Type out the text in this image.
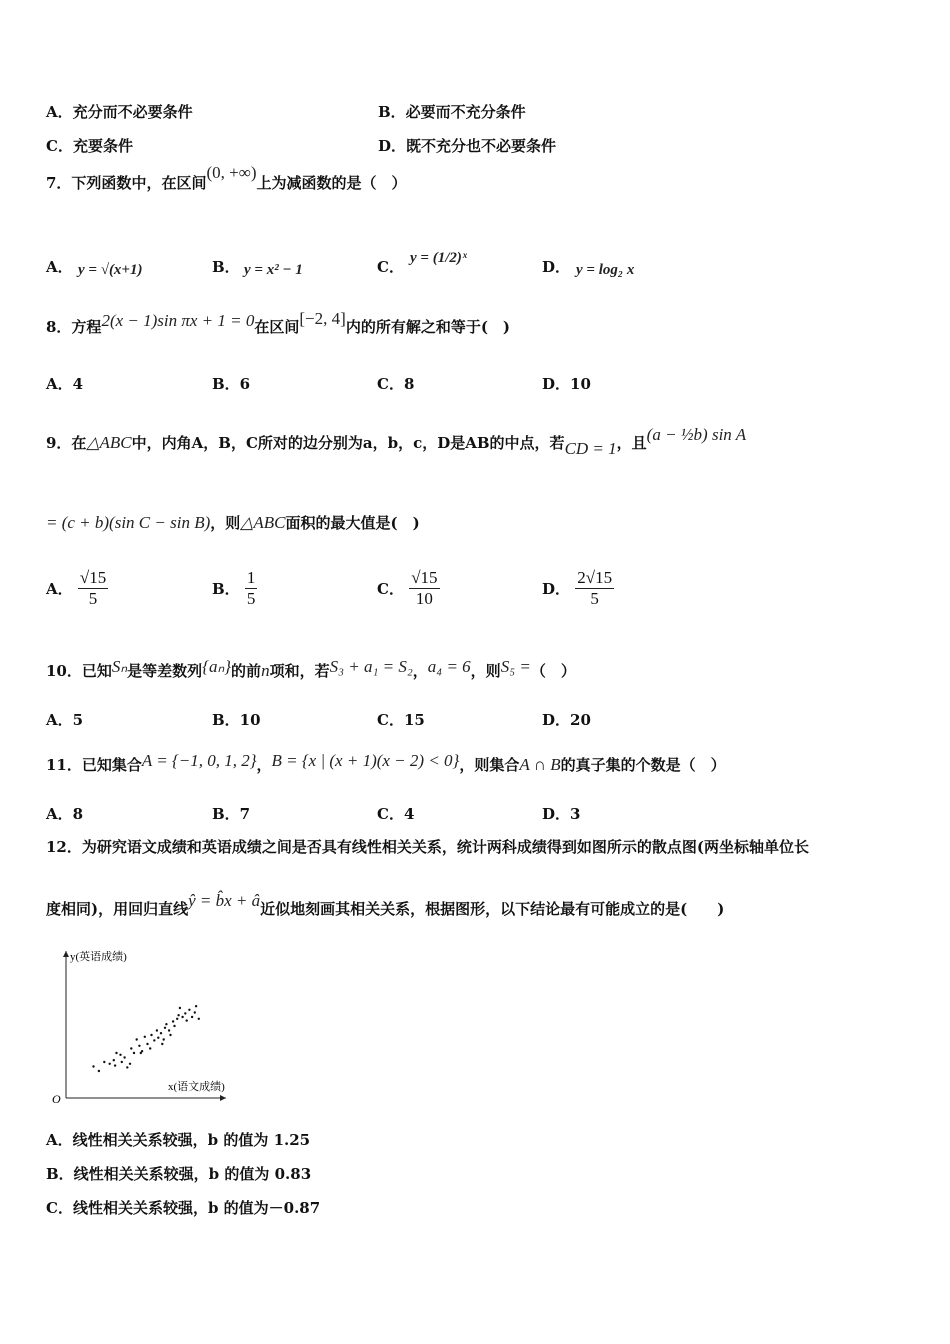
A．充分而不必要条件	B．必要而不充分条件
C．充要条件	D．既不充分也不必要条件
7．下列函数中，在区间(0, +∞)上为减函数的是（　）
A． y = √(x+1)	B． y = x² − 1	C． y = (1/2)ˣ	D． y = log₂ x
8．方程2(x − 1)sin πx + 1 = 0在区间[−2, 4]内的所有解之和等于(　)
A．4	B．6	C．8	D．10
9．在△ABC中，内角A，B，C所对的边分别为a，b，c，D是AB的中点，若CD = 1，且(a − ½b) sin A
= (c + b)(sin C − sin B)，则△ABC面积的最大值是(　)
A． $\frac{√15}{5}$	B． $\frac{1}{5}$	C． $\frac{√15}{10}$	D． $\frac{2√15}{5}$
10．已知Sₙ是等差数列{aₙ}的前n项和，若S₃ + a₁ = S₂，a₄ = 6，则S₅ =（　）
A．5	B．10	C．15	D．20
11．已知集合A = {−1, 0, 1, 2}，B = {x | (x + 1)(x − 2) < 0}，则集合A ∩ B的真子集的个数是（　）
A．8	B．7	C．4	D．3
12．为研究语文成绩和英语成绩之间是否具有线性相关关系，统计两科成绩得到如图所示的散点图(两坐标轴单位长
度相同)，用回归直线ŷ = b̂x + â近似地刻画其相关关系，根据图形，以下结论最有可能成立的是(　　)
y(英语成绩)
x(语文成绩)
O
A．线性相关关系较强，b 的值为 1.25
B．线性相关关系较强，b 的值为 0.83
C．线性相关关系较强，b 的值为－0.87
